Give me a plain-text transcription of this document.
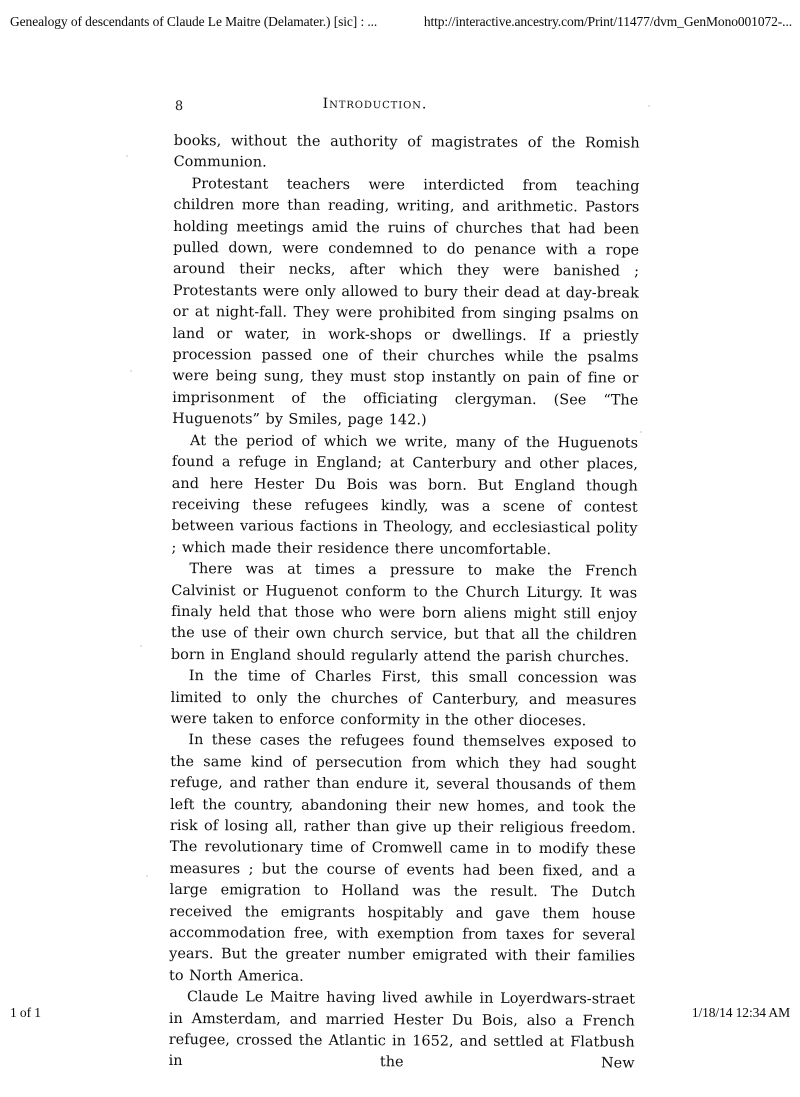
Genealogy of descendants of Claude Le Maitre (Delamater.) [sic] : ...	http://interactive.ancestry.com/Print/11477/dvm_GenMono001072-...
8	Introduction.

books, without the authority of magistrates of the Romish Communion.

Protestant teachers were interdicted from teaching children more than reading, writing, and arithmetic. Pastors holding meetings amid the ruins of churches that had been pulled down, were condemned to do penance with a rope around their necks, after which they were banished ; Protestants were only allowed to bury their dead at day-break or at night-fall. They were prohibited from singing psalms on land or water, in work-shops or dwellings. If a priestly procession passed one of their churches while the psalms were being sung, they must stop instantly on pain of fine or imprisonment of the officiating clergyman. (See “The Huguenots” by Smiles, page 142.)

At the period of which we write, many of the Huguenots found a refuge in England; at Canterbury and other places, and here Hester Du Bois was born. But England though receiving these refugees kindly, was a scene of contest between various factions in Theology, and ecclesiastical polity ; which made their residence there uncomfortable.

There was at times a pressure to make the French Calvinist or Huguenot conform to the Church Liturgy. It was finaly held that those who were born aliens might still enjoy the use of their own church service, but that all the children born in England should regularly attend the parish churches.

In the time of Charles First, this small concession was limited to only the churches of Canterbury, and measures were taken to enforce conformity in the other dioceses.

In these cases the refugees found themselves exposed to the same kind of persecution from which they had sought refuge, and rather than endure it, several thousands of them left the country, abandoning their new homes, and took the risk of losing all, rather than give up their religious freedom. The revolutionary time of Cromwell came in to modify these measures ; but the course of events had been fixed, and a large emigration to Holland was the result. The Dutch received the emigrants hospitably and gave them house accommodation free, with exemption from taxes for several years. But the greater number emigrated with their families to North America.

Claude Le Maitre having lived awhile in Loyerdwars-straet in Amsterdam, and married Hester Du Bois, also a French refugee, crossed the Atlantic in 1652, and settled at Flatbush in the New

1 of 1	1/18/14 12:34 AM
